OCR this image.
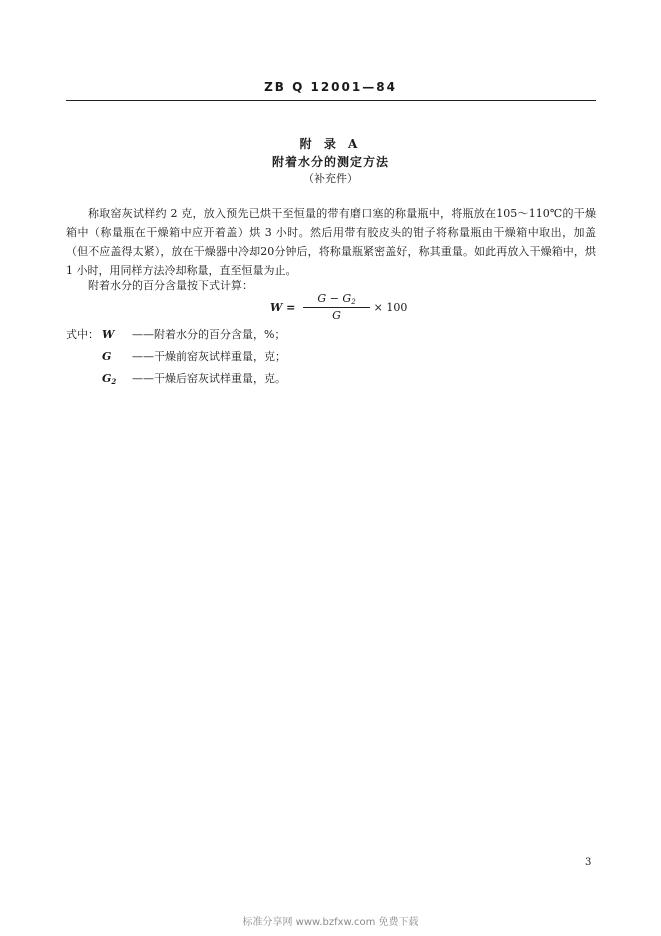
ZB Q 12001—84
附 录 A
附着水分的测定方法
（补充件）
称取窑灰试样约 2 克，放入预先已烘干至恒量的带有磨口塞的称量瓶中，将瓶放在105～110℃的干燥箱中（称量瓶在干燥箱中应开着盖）烘 3 小时。然后用带有胶皮头的钳子将称量瓶由干燥箱中取出，加盖（但不应盖得太紧），放在干燥器中冷却20分钟后，将称量瓶紧密盖好，称其重量。如此再放入干燥箱中，烘 1 小时，用同样方法冷却称量，直至恒量为止。
附着水分的百分含量按下式计算：
$W = \frac{G - G_2}{G} \times 100$
式中： W	——附着水分的百分含量，%；
G	——干燥前窑灰试样重量，克；
$G_2$	——干燥后窑灰试样重量，克。
3
标准分享网 www.bzfxw.com 免费下载
